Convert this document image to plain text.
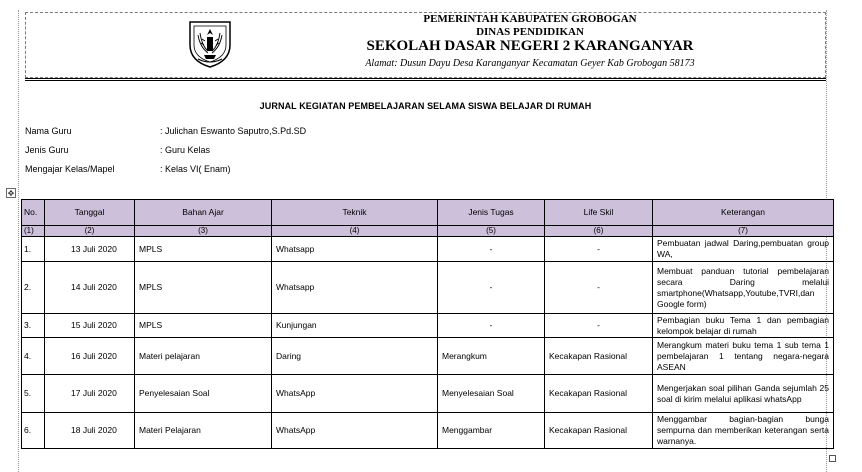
PEMERINTAH KABUPATEN GROBOGAN
DINAS PENDIDIKAN
SEKOLAH DASAR NEGERI 2 KARANGANYAR
Alamat: Dusun Dayu Desa Karanganyar Kecamatan Geyer Kab Grobogan 58173
JURNAL KEGIATAN PEMBELAJARAN SELAMA SISWA BELAJAR DI RUMAH
Nama Guru	: Julichan Eswanto Saputro,S.Pd.SD
Jenis Guru	: Guru Kelas
Mengajar Kelas/Mapel	: Kelas VI( Enam)
✥
No.	Tanggal	Bahan Ajar	Teknik	Jenis Tugas	Life Skil	Keterangan
(1)	(2)	(3)	(4)	(5)	(6)	(7)
1.	13 Juli 2020	MPLS	Whatsapp	-	-	Pembuatan jadwal Daring,pembuatan group WA,
2.	14 Juli 2020	MPLS	Whatsapp	-	-	Membuat panduan tutorial pembelajaran secara Daring melalui smartphone(Whatsapp,Youtube,TVRI,dan Google form)
3.	15 Juli 2020	MPLS	Kunjungan	-	-	Pembagian buku Tema 1 dan pembagian kelompok belajar di rumah
4.	16 Juli 2020	Materi pelajaran	Daring	Merangkum	Kecakapan Rasional	Merangkum materi buku tema 1 sub tema 1 pembelajaran 1 tentang negara-negara ASEAN
5.	17 Juli 2020	Penyelesaian Soal	WhatsApp	Menyelesaian Soal	Kecakapan Rasional	Mengerjakan soal pilihan Ganda sejumlah 25 soal di kirim melalui aplikasi whatsApp
6.	18 Juli 2020	Materi Pelajaran	WhatsApp	Menggambar	Kecakapan Rasional	Menggambar bagian-bagian bunga sempurna dan memberikan keterangan serta warnanya.
